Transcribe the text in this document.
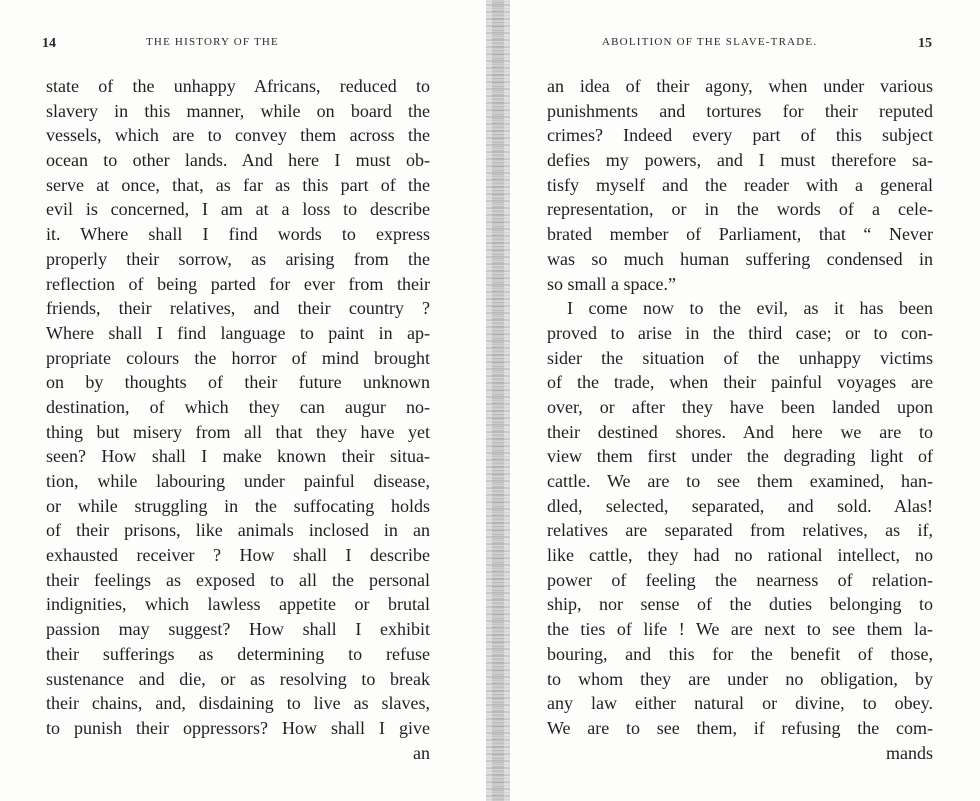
14	THE HISTORY OF THE
state of the unhappy Africans, reduced to
slavery in this manner, while on board the
vessels, which are to convey them across the
ocean to other lands. And here I must ob-
serve at once, that, as far as this part of the
evil is concerned, I am at a loss to describe
it. Where shall I find words to express
properly their sorrow, as arising from the
reflection of being parted for ever from their
friends, their relatives, and their country ?
Where shall I find language to paint in ap-
propriate colours the horror of mind brought
on by thoughts of their future unknown
destination, of which they can augur no-
thing but misery from all that they have yet
seen? How shall I make known their situa-
tion, while labouring under painful disease,
or while struggling in the suffocating holds
of their prisons, like animals inclosed in an
exhausted receiver ? How shall I describe
their feelings as exposed to all the personal
indignities, which lawless appetite or brutal
passion may suggest? How shall I exhibit
their sufferings as determining to refuse
sustenance and die, or as resolving to break
their chains, and, disdaining to live as slaves,
to punish their oppressors? How shall I give
an
ABOLITION OF THE SLAVE-TRADE.	15
an idea of their agony, when under various
punishments and tortures for their reputed
crimes? Indeed every part of this subject
defies my powers, and I must therefore sa-
tisfy myself and the reader with a general
representation, or in the words of a cele-
brated member of Parliament, that “ Never
was so much human suffering condensed in
so small a space.”
I come now to the evil, as it has been
proved to arise in the third case; or to con-
sider the situation of the unhappy victims
of the trade, when their painful voyages are
over, or after they have been landed upon
their destined shores. And here we are to
view them first under the degrading light of
cattle. We are to see them examined, han-
dled, selected, separated, and sold. Alas!
relatives are separated from relatives, as if,
like cattle, they had no rational intellect, no
power of feeling the nearness of relation-
ship, nor sense of the duties belonging to
the ties of life ! We are next to see them la-
bouring, and this for the benefit of those,
to whom they are under no obligation, by
any law either natural or divine, to obey.
We are to see them, if refusing the com-
mands
